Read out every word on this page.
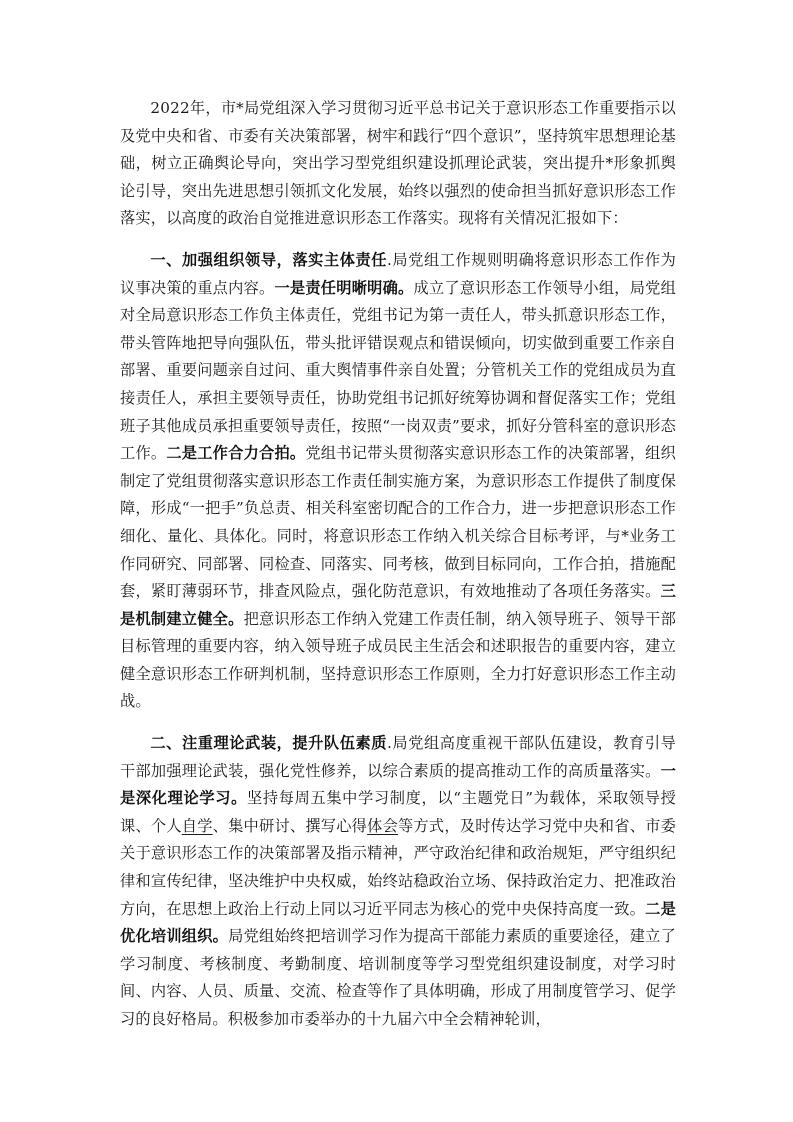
2022年，市*局党组深入学习贯彻习近平总书记关于意识形态工作重要指示以及党中央和省、市委有关决策部署，树牢和践行“四个意识”，坚持筑牢思想理论基础，树立正确舆论导向，突出学习型党组织建设抓理论武装，突出提升*形象抓舆论引导，突出先进思想引领抓文化发展，始终以强烈的使命担当抓好意识形态工作落实，以高度的政治自觉推进意识形态工作落实。现将有关情况汇报如下：

一、加强组织领导，落实主体责任.局党组工作规则明确将意识形态工作作为议事决策的重点内容。一是责任明晰明确。成立了意识形态工作领导小组，局党组对全局意识形态工作负主体责任，党组书记为第一责任人，带头抓意识形态工作，带头管阵地把导向强队伍，带头批评错误观点和错误倾向，切实做到重要工作亲自部署、重要问题亲自过问、重大舆情事件亲自处置；分管机关工作的党组成员为直接责任人，承担主要领导责任，协助党组书记抓好统筹协调和督促落实工作；党组班子其他成员承担重要领导责任，按照“一岗双责”要求，抓好分管科室的意识形态工作。二是工作合力合拍。党组书记带头贯彻落实意识形态工作的决策部署，组织制定了党组贯彻落实意识形态工作责任制实施方案，为意识形态工作提供了制度保障，形成“一把手”负总责、相关科室密切配合的工作合力，进一步把意识形态工作细化、量化、具体化。同时，将意识形态工作纳入机关综合目标考评，与*业务工作同研究、同部署、同检查、同落实、同考核，做到目标同向，工作合拍，措施配套，紧盯薄弱环节，排查风险点，强化防范意识，有效地推动了各项任务落实。三是机制建立健全。把意识形态工作纳入党建工作责任制，纳入领导班子、领导干部目标管理的重要内容，纳入领导班子成员民主生活会和述职报告的重要内容，建立健全意识形态工作研判机制，坚持意识形态工作原则，全力打好意识形态工作主动战。

二、注重理论武装，提升队伍素质.局党组高度重视干部队伍建设，教育引导干部加强理论武装，强化党性修养，以综合素质的提高推动工作的高质量落实。一是深化理论学习。坚持每周五集中学习制度，以“主题党日”为载体，采取领导授课、个人自学、集中研讨、撰写心得体会等方式，及时传达学习党中央和省、市委关于意识形态工作的决策部署及指示精神，严守政治纪律和政治规矩，严守组织纪律和宣传纪律，坚决维护中央权威，始终站稳政治立场、保持政治定力、把准政治方向，在思想上政治上行动上同以习近平同志为核心的党中央保持高度一致。二是优化培训组织。局党组始终把培训学习作为提高干部能力素质的重要途径，建立了学习制度、考核制度、考勤制度、培训制度等学习型党组织建设制度，对学习时间、内容、人员、质量、交流、检查等作了具体明确，形成了用制度管学习、促学习的良好格局。积极参加市委举办的十九届六中全会精神轮训，
